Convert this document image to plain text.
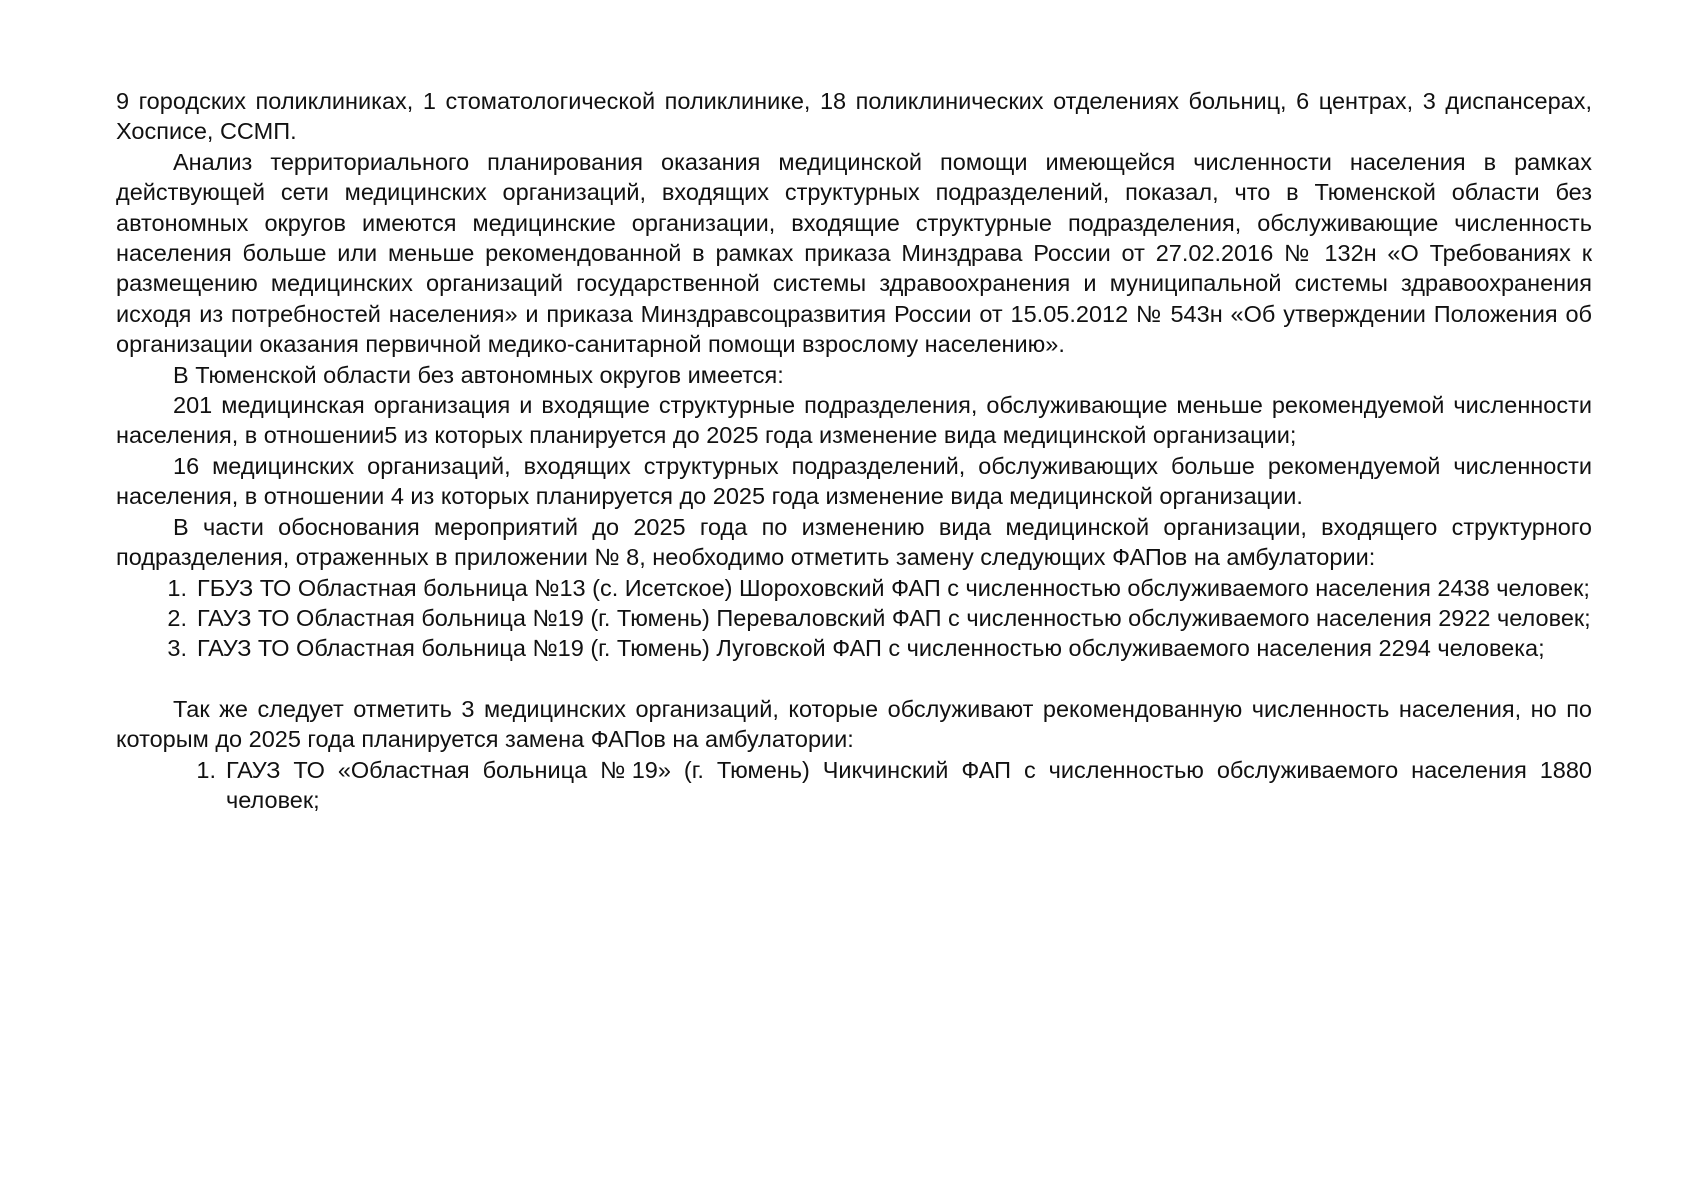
9 городских поликлиниках, 1 стоматологической поликлинике, 18 поликлинических отделениях больниц, 6 центрах, 3 диспансерах, Хосписе, ССМП.

Анализ территориального планирования оказания медицинской помощи имеющейся численности населения в рамках действующей сети медицинских организаций, входящих структурных подразделений, показал, что в Тюменской области без автономных округов имеются медицинские организации, входящие структурные подразделения, обслуживающие численность населения больше или меньше рекомендованной в рамках приказа Минздрава России от 27.02.2016 № 132н «О Требованиях к размещению медицинских организаций государственной системы здравоохранения и муниципальной системы здравоохранения исходя из потребностей населения» и приказа Минздравсоцразвития России от 15.05.2012 № 543н «Об утверждении Положения об организации оказания первичной медико-санитарной помощи взрослому населению».

В Тюменской области без автономных округов имеется:

201 медицинская организация и входящие структурные подразделения, обслуживающие меньше рекомендуемой численности населения, в отношении5 из которых планируется до 2025 года изменение вида медицинской организации;

16 медицинских организаций, входящих структурных подразделений, обслуживающих больше рекомендуемой численности населения, в отношении 4 из которых планируется до 2025 года изменение вида медицинской организации.

В части обоснования мероприятий до 2025 года по изменению вида медицинской организации, входящего структурного подразделения, отраженных в приложении № 8, необходимо отметить замену следующих ФАПов на амбулатории:

1. ГБУЗ ТО Областная больница №13 (с. Исетское) Шороховский ФАП с численностью обслуживаемого населения 2438 человек;
2. ГАУЗ ТО Областная больница №19 (г. Тюмень) Переваловский ФАП с численностью обслуживаемого населения 2922 человек;
3. ГАУЗ ТО Областная больница №19 (г. Тюмень) Луговской ФАП с численностью обслуживаемого населения 2294 человека;

Так же следует отметить 3 медицинских организаций, которые обслуживают рекомендованную численность населения, но по которым до 2025 года планируется замена ФАПов на амбулатории:

1. ГАУЗ ТО «Областная больница №19» (г. Тюмень) Чикчинский ФАП с численностью обслуживаемого населения 1880 человек;
